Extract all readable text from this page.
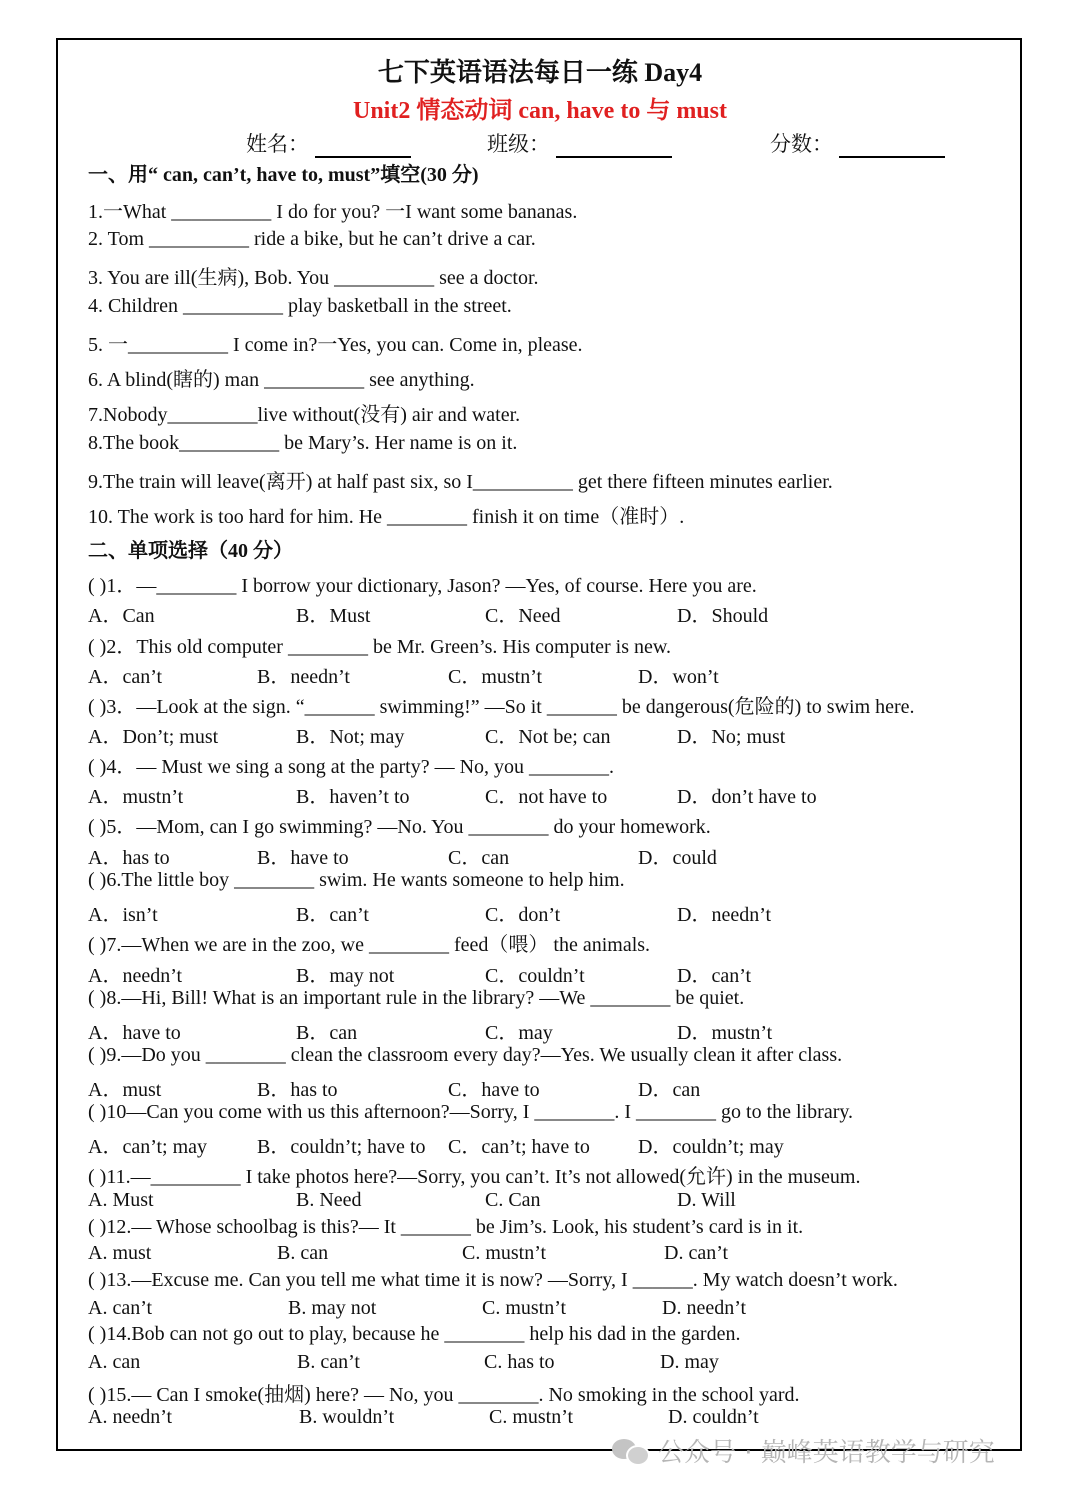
七下英语语法每日一练 Day4
Unit2 情态动词 can, have to 与 must
姓名：	班级：	分数：
一、用“ can, can’t, have to, must”填空(30 分)
1.一What __________ I do for you? 一I want some bananas.
2. Tom __________ ride a bike, but he can’t drive a car.
3. You are ill(生病), Bob. You __________ see a doctor.
4. Children __________ play basketball in the street.
5. 一__________ I come in?一Yes, you can. Come in, please.
6. A blind(瞎的) man __________ see anything.
7.Nobody_________live without(没有) air and water.
8.The book__________ be Mary’s. Her name is on it.
9.The train will leave(离开) at half past six, so I__________ get there fifteen minutes earlier.
10. The work is too hard for him. He ________ finish it on time（准时）.
二、单项选择（40 分）
( )1．—________ I borrow your dictionary, Jason? —Yes, of course. Here you are.
A．Can	B．Must	C．Need	D．Should
( )2．This old computer ________ be Mr. Green’s. His computer is new.
A．can’t	B．needn’t	C．mustn’t	D．won’t
( )3．—Look at the sign. “_______ swimming!” —So it _______ be dangerous(危险的) to swim here.
A．Don’t; must	B．Not; may	C．Not be; can	D．No; must
( )4．— Must we sing a song at the party? — No, you ________.
A．mustn’t	B．haven’t to	C．not have to	D．don’t have to
( )5．—Mom, can I go swimming? —No. You ________ do your homework.
A．has to	B．have to	C．can	D．could
( )6.The little boy ________ swim. He wants someone to help him.
A．isn’t	B．can’t	C．don’t	D．needn’t
( )7.—When we are in the zoo, we ________ feed（喂） the animals.
A．needn’t	B．may not	C．couldn’t	D．can’t
( )8.—Hi, Bill! What is an important rule in the library? —We ________ be quiet.
A．have to	B．can	C．may	D．mustn’t
( )9.—Do you ________ clean the classroom every day?—Yes. We usually clean it after class.
A．must	B．has to	C．have to	D．can
( )10—Can you come with us this afternoon?—Sorry, I ________. I ________ go to the library.
A．can’t; may B．couldn’t; have to C．can’t; have to D．couldn’t; may
( )11.—_________ I take photos here?—Sorry, you can’t. It’s not allowed(允许) in the museum.
A. Must	B. Need	C. Can	D. Will
( )12.— Whose schoolbag is this?— It _______ be Jim’s. Look, his student’s card is in it.
A. must	B. can	C. mustn’t	D. can’t
( )13.—Excuse me. Can you tell me what time it is now? —Sorry, I ______. My watch doesn’t work.
A. can’t	B. may not	C. mustn’t	D. needn’t
( )14.Bob can not go out to play, because he ________ help his dad in the garden.
A. can	B. can’t	C. has to	D. may
( )15.— Can I smoke(抽烟) here? — No, you ________. No smoking in the school yard.
A. needn’t	B. wouldn’t	C. mustn’t	D. couldn’t
公众号 · 巅峰英语教学与研究
